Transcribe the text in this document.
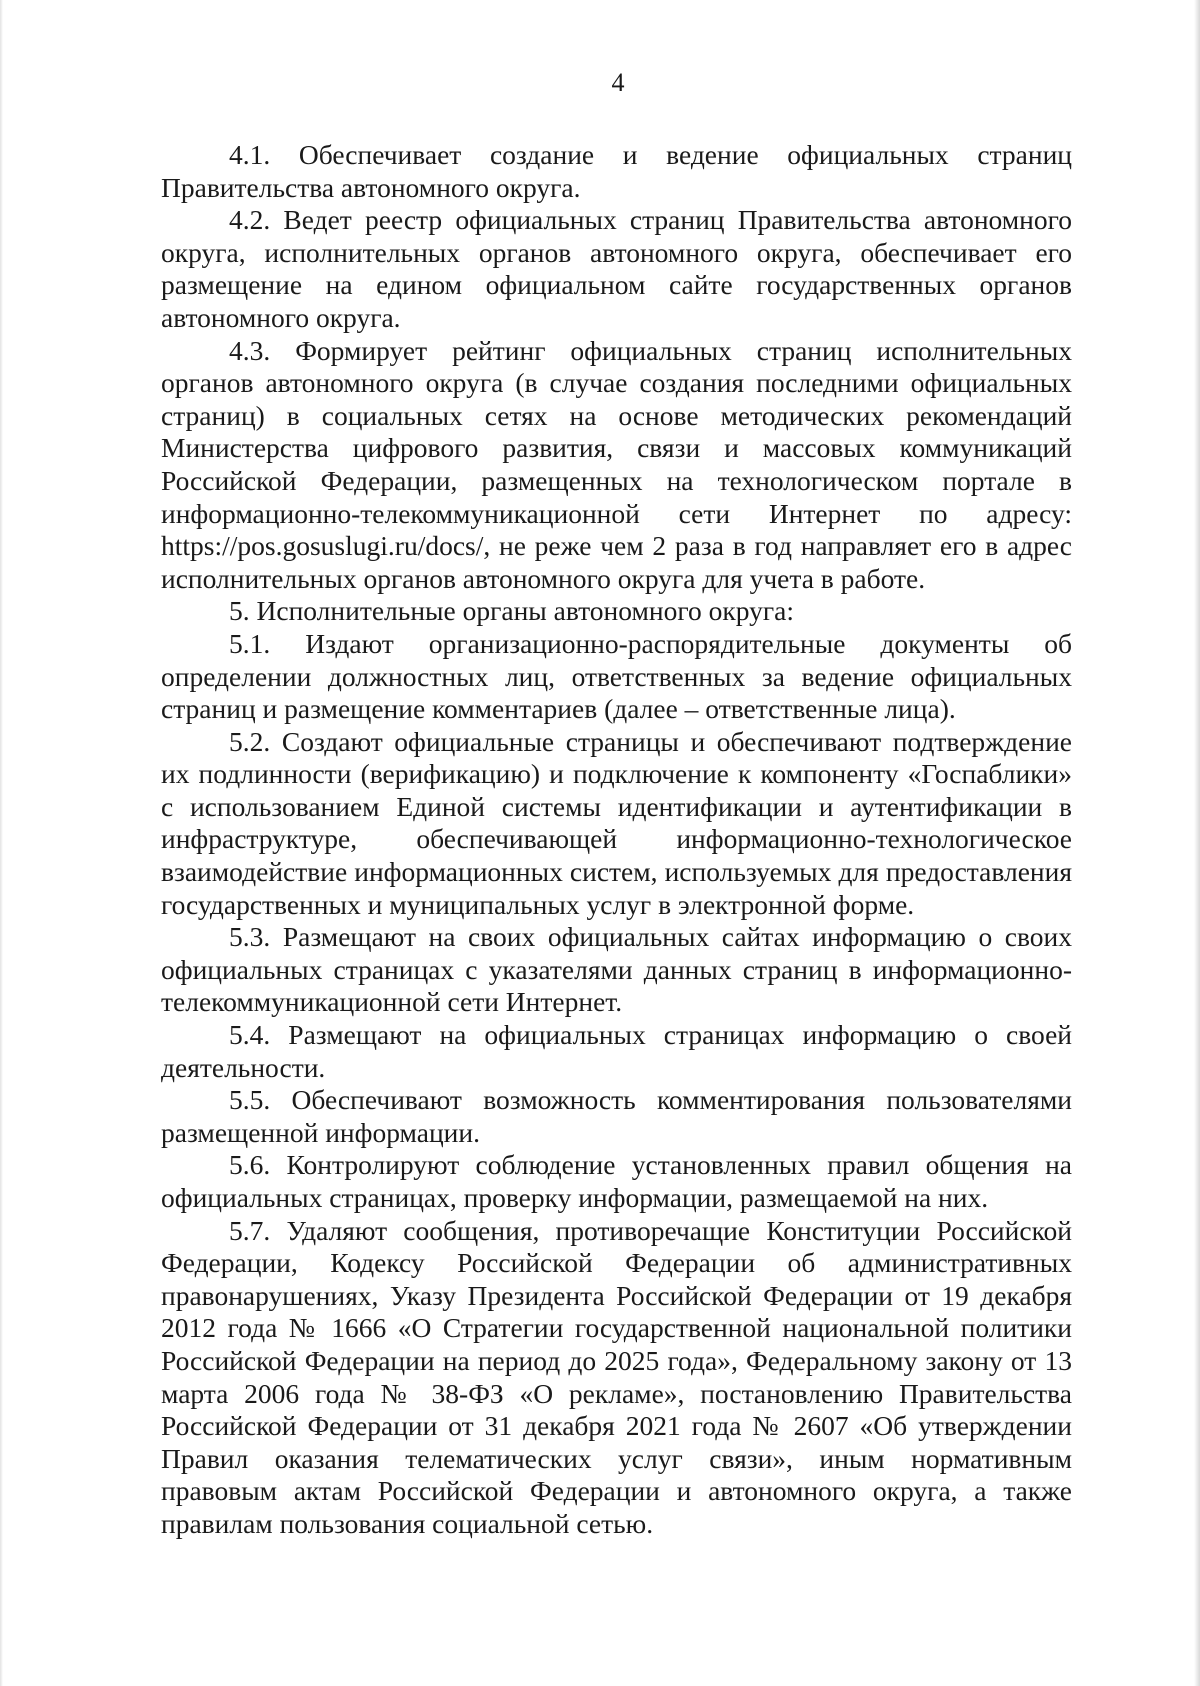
4

4.1. Обеспечивает создание и ведение официальных страниц Правительства автономного округа.

4.2. Ведет реестр официальных страниц Правительства автономного округа, исполнительных органов автономного округа, обеспечивает его размещение на едином официальном сайте государственных органов автономного округа.

4.3. Формирует рейтинг официальных страниц исполнительных органов автономного округа (в случае создания последними официальных страниц) в социальных сетях на основе методических рекомендаций Министерства цифрового развития, связи и массовых коммуникаций Российской Федерации, размещенных на технологическом портале в информационно-телекоммуникационной сети Интернет по адресу: https://pos.gosuslugi.ru/docs/, не реже чем 2 раза в год направляет его в адрес исполнительных органов автономного округа для учета в работе.

5. Исполнительные органы автономного округа:

5.1. Издают организационно-распорядительные документы об определении должностных лиц, ответственных за ведение официальных страниц и размещение комментариев (далее – ответственные лица).

5.2. Создают официальные страницы и обеспечивают подтверждение их подлинности (верификацию) и подключение к компоненту «Госпаблики» с использованием Единой системы идентификации и аутентификации в инфраструктуре, обеспечивающей информационно-технологическое взаимодействие информационных систем, используемых для предоставления государственных и муниципальных услуг в электронной форме.

5.3. Размещают на своих официальных сайтах информацию о своих официальных страницах с указателями данных страниц в информационно-телекоммуникационной сети Интернет.

5.4. Размещают на официальных страницах информацию о своей деятельности.

5.5. Обеспечивают возможность комментирования пользователями размещенной информации.

5.6. Контролируют соблюдение установленных правил общения на официальных страницах, проверку информации, размещаемой на них.

5.7. Удаляют сообщения, противоречащие Конституции Российской Федерации, Кодексу Российской Федерации об административных правонарушениях, Указу Президента Российской Федерации от 19 декабря 2012 года № 1666 «О Стратегии государственной национальной политики Российской Федерации на период до 2025 года», Федеральному закону от 13 марта 2006 года № 38-ФЗ «О рекламе», постановлению Правительства Российской Федерации от 31 декабря 2021 года № 2607 «Об утверждении Правил оказания телематических услуг связи», иным нормативным правовым актам Российской Федерации и автономного округа, а также правилам пользования социальной сетью.
